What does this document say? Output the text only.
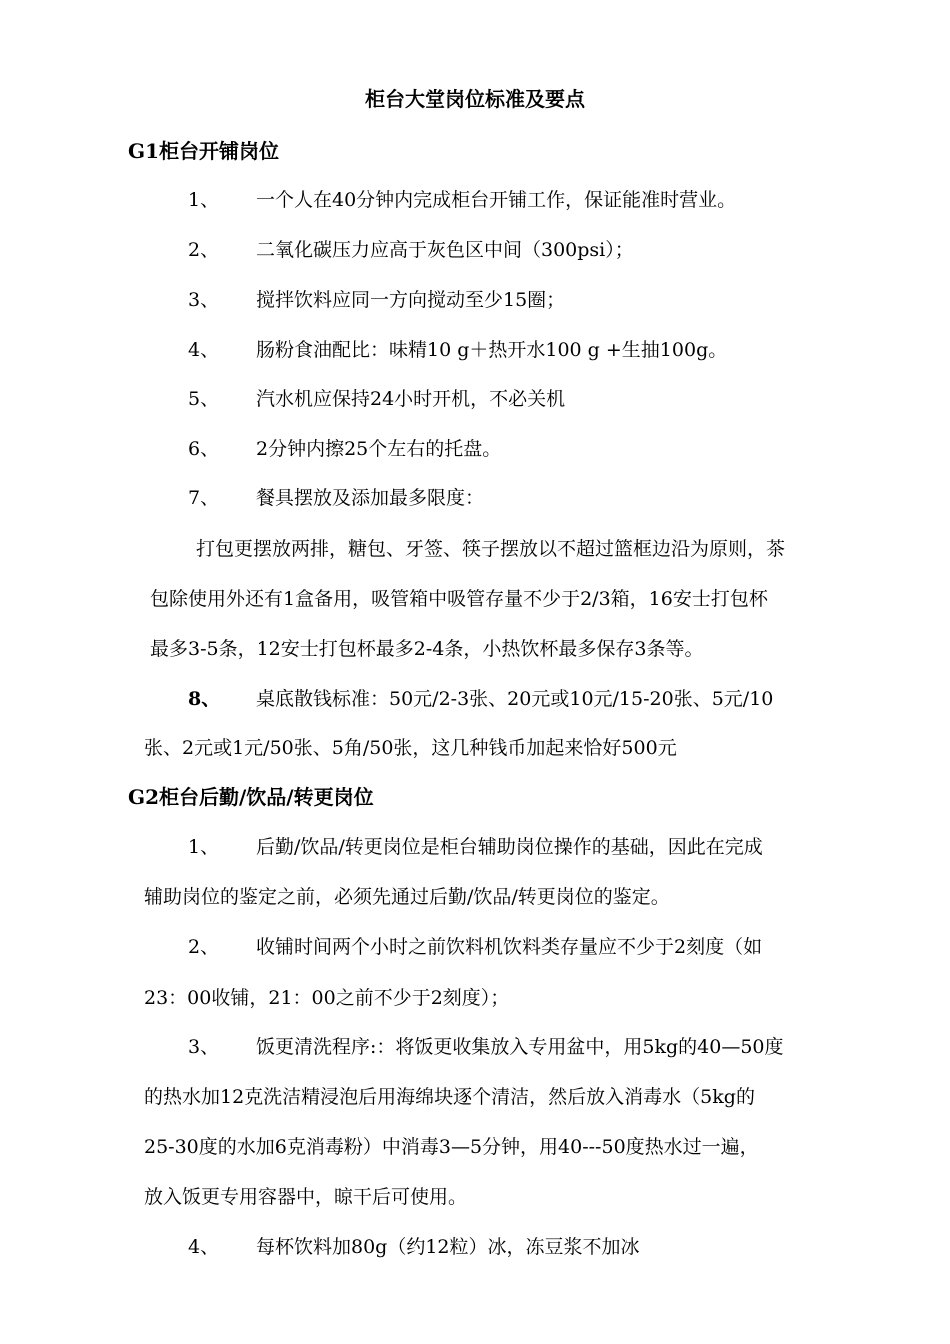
柜台大堂岗位标准及要点
G1柜台开铺岗位
1、	一个人在40分钟内完成柜台开铺工作，保证能准时营业。
2、	二氧化碳压力应高于灰色区中间（300psi）；
3、	搅拌饮料应同一方向搅动至少15圈；
4、	肠粉食油配比：味精10 g＋热开水100 g +生抽100g。
5、	汽水机应保持24小时开机，不必关机
6、	2分钟内擦25个左右的托盘。
7、	餐具摆放及添加最多限度：
打包更摆放两排，糖包、牙签、筷子摆放以不超过篮框边沿为原则，茶
包除使用外还有1盒备用，吸管箱中吸管存量不少于2/3箱，16安士打包杯
最多3-5条，12安士打包杯最多2-4条，小热饮杯最多保存3条等。
8、	桌底散钱标准：50元/2-3张、20元或10元/15-20张、5元/10
张、2元或1元/50张、5角/50张，这几种钱币加起来恰好500元
G2柜台后勤/饮品/转更岗位
1、	后勤/饮品/转更岗位是柜台辅助岗位操作的基础，因此在完成
辅助岗位的鉴定之前，必须先通过后勤/饮品/转更岗位的鉴定。
2、	收铺时间两个小时之前饮料机饮料类存量应不少于2刻度（如
23：00收铺，21：00之前不少于2刻度）；
3、	饭更清洗程序:：将饭更收集放入专用盆中，用5kg的40—50度
的热水加12克洗洁精浸泡后用海绵块逐个清洁，然后放入消毒水（5kg的
25-30度的水加6克消毒粉）中消毒3—5分钟，用40---50度热水过一遍，
放入饭更专用容器中，晾干后可使用。
4、	每杯饮料加80g（约12粒）冰，冻豆浆不加冰
